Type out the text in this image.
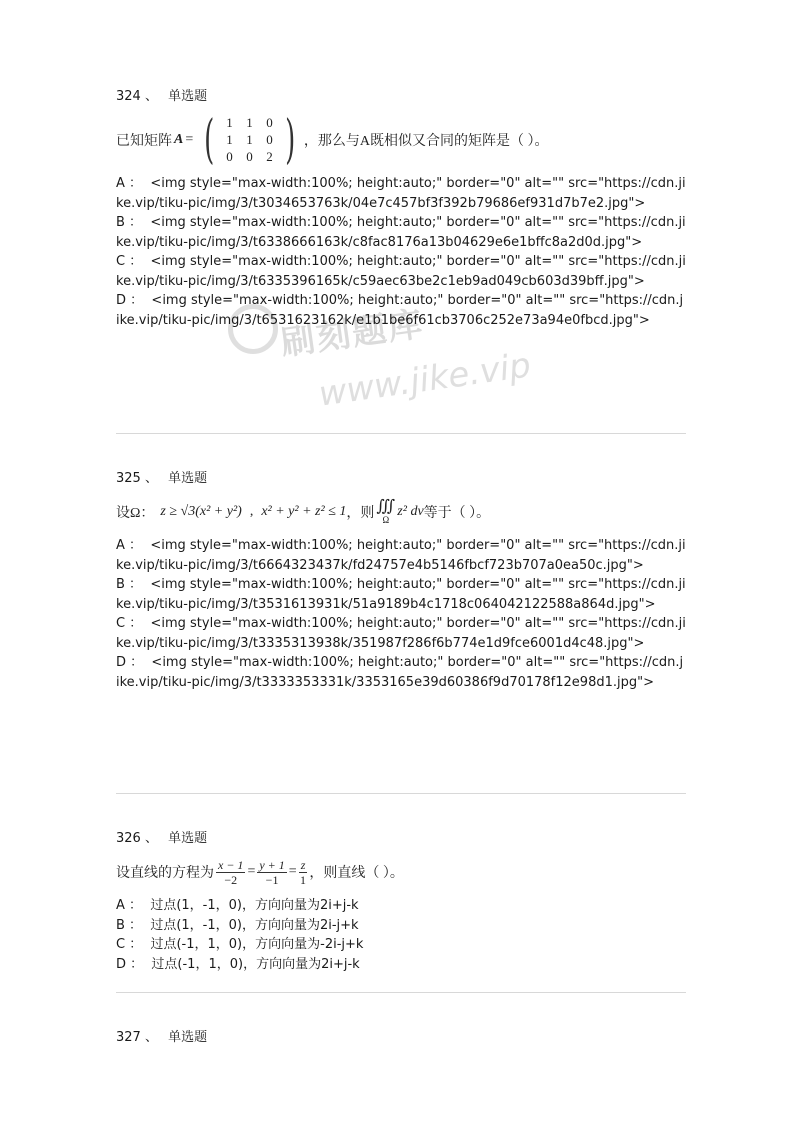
刷刻题库
www.jike.vip
324 、 单选题
已知矩阵 A = ( 1	1	0
1	1	0
0	0	2 ) ，那么与A既相似又合同的矩阵是（ ）。
A ：  <img style="max-width:100%; height:auto;" border="0" alt="" src="https://cdn.jike.vip/tiku-pic/img/3/t3034653763k/04e7c457bf3f392b79686ef931d7b7e2.jpg">
B ：  <img style="max-width:100%; height:auto;" border="0" alt="" src="https://cdn.jike.vip/tiku-pic/img/3/t6338666163k/c8fac8176a13b04629e6e1bffc8a2d0d.jpg">
C ：  <img style="max-width:100%; height:auto;" border="0" alt="" src="https://cdn.jike.vip/tiku-pic/img/3/t6335396165k/c59aec63be2c1eb9ad049cb603d39bff.jpg">
D ：  <img style="max-width:100%; height:auto;" border="0" alt="" src="https://cdn.jike.vip/tiku-pic/img/3/t6531623162k/e1b1be6f61cb3706c252e73a94e0fbcd.jpg">
325 、 单选题
设Ω： z ≥ √3(x² + y²) , x² + y² + z² ≤ 1 ，则 ∭
Ω
z² dv 等于（ ）。
A ：  <img style="max-width:100%; height:auto;" border="0" alt="" src="https://cdn.jike.vip/tiku-pic/img/3/t6664323437k/fd24757e4b5146fbcf723b707a0ea50c.jpg">
B ：  <img style="max-width:100%; height:auto;" border="0" alt="" src="https://cdn.jike.vip/tiku-pic/img/3/t3531613931k/51a9189b4c1718c064042122588a864d.jpg">
C ：  <img style="max-width:100%; height:auto;" border="0" alt="" src="https://cdn.jike.vip/tiku-pic/img/3/t3335313938k/351987f286f6b774e1d9fce6001d4c48.jpg">
D ：  <img style="max-width:100%; height:auto;" border="0" alt="" src="https://cdn.jike.vip/tiku-pic/img/3/t3333353331k/3353165e39d60386f9d70178f12e98d1.jpg">
326 、 单选题
设直线的方程为 $\frac{x - 1}{-2} = \frac{y + 1}{-1} = \frac{z}{1}$ ，则直线（ ）。
A ：  过点(1，-1，0)，方向向量为2i+j-k
B ：  过点(1，-1，0)，方向向量为2i-j+k
C ：  过点(-1，1，0)，方向向量为-2i-j+k
D ：  过点(-1，1，0)，方向向量为2i+j-k
327 、 单选题
